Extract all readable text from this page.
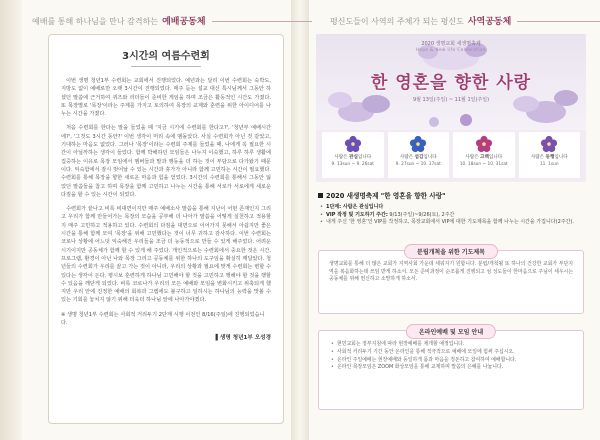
예배를 통해 하나님을 만나 감격하는 예배공동체
3시간의 여름수련회

이번 생명 청년1부 수련회는 교회에서 진행되었다. 예년과는 달리 이번 수련회는 숙박도, 지방도 없이 예배로만 오랫 3시간이 진행되었다. 매주 듣는 설교 대신 특시님께서 그동안 하셨던 말씀에 근거하여 퀴즈와 리더들이 준비한 게임을 하며 조금은 활동적인 시간도 가졌다. 또 목장별로 '목장'이라는 주제를 가지고 토의하여 목장의 교제와 훈련을 위한 아이디어를 나누는 시간을 가졌다.

처음 수련회를 한다는 말을 들었을 때 '지금 시기에 수련회를 한다고?', '청년부 예배시간에?', '그것도 3시간 동안?' 이번 생각이 머리 속에 맴돌았다. 사실 수련회가 아닌 것 같았고, 기대하는 마음도 없었다. 그러나 '목장'이라는 수련회 주제를 들었을 때, 나에게 꼭 필요한 시간이 아닐까하는 생각이 들었다. 함께 박해하던 모임들은 나누지 이숙했고, 하루 하루 생활에 집중하는 이유로 목장 모임에서 멤버들과 말과 행동을 더 하는 것이 부담으로 다가왔기 때문이다. 익숙함에서 잠시 벗어날 수 있는 시간과 휴가가 아니라 함께 고민하는 시간이 필요했다. 수련회를 통해 목장을 향한 새로운 마음과 힘을 얻었다. 3시간의 수련회를 통해서 그동안 잃었던 말씀들을 참고 하며 목장을 함께 고민하고 나누는 시간을 통해 서로가 서로에게 새로운 다짐을 할 수 있는 시간이 되었다.

수련회가 끝나고 비록 비대면이지만 매주 예배소사 말씀을 통해 지난이 어떤 존재인지 그리고 우리가 함께 만들어가는 목장의 모습을 공부해 더 나아가 말씀을 어떻게 실천하고 적용할지 매주 고민하고 적용하고 있다. 수련회의 다짐을 대면으로 이어가지 못해서 아쉽지만 좋은 시간을 통해 함께 모여 '목장'을 위해 고민했다는 것이 너무 귀하고 감사하다. 이번 수련회는 코로나 상황에 어느덧 익숙해진 우리들을 조금 더 능동적으로 만들 수 있게 해주었다. 어려운 시기이지만 공동체가 함께 할 수 있게 해 주었다. 개인적으로는 수련회에서 중요한 것은 시간, 프로그램, 환경이 아닌 나와 목장 그리고 공동체를 위한 하나의 도구임을 확실히 깨달았다. 청년들의 수련회가 우리를 끝고 가는 것이 아니라, 우리의 상황과 필요에 맞게 수련회는 변할 수 있다는 생각이 든다. 평시보 훈련하게 하나님 고민해야 할 것을 고민하고 행해야 할 것을 행할 수 있음을 깨닫게 되었다. 비록 코로나가 우리의 모든 예배와 모임을 변화시키고 위축되게 했지만 우리 안에 진정한 예배의 회복과 그렘에도 불구하고 일하시는 하나님의 능력을 맛볼 수 있는 기회를 놓치지 않기 위해 더욱더 하나님 앞에 나아가야겠다.

※ 생명 청년1부 수련회는 사회적 거리두기 2단계 시행 이전인 8/16(주일)에 진행되었습니다.

▌생명 청년1부 오성경

평신도들이 사역의 주체가 되는 평신도 사역공동체
2020 생명교회 새생명축제
Hope & New life Celebration
한 영혼을 향한 사랑
9월 13일(주일) ~ 11월 1일(주일)
사람은 관심입니다
9. 13sun ~ 9. 26sat
사람은 섬김입니다
9. 27sun ~ 10. 17sat
사람은 고백입니다
10. 18sun ~ 10. 31sat
사람은 동행입니다
11. 1sun
2020 새생명축제 "한 영혼을 향한 사랑"
• 1단계: 사람은 관심입니다
• VIP 작정 및 기도하기 주간: 9/13(주일)~9/26(토), 2주간
• 내게 주신 ‘한 영혼’인 VIP를 작정하고, 목장교회에서 VIP에 대한 기도제목을 함께 나누는 시간을 가집니다(2주간).
분립개척을 위한 기도제목
생명교회를 통해 더 많은 교회가 지역사회 가운데 세워지기 원합니다. 분립/개척될 또 하나의 건강한 교회가 부단지역을 복음화하는데 쓰임 받게 하소서. 모든 준비과정이 순조롭게 진행되고 섬 성도들이 한마음으로 주님이 세우시는 공동체를 위해 헌신하고 소망하게 하소서.
온라인예배 및 모임 안내
• 현민교회는 정부지침에 따라 현장예배를 제개할 예정입니다.
• 사회적 거리두기 기간 동안 온라인을 통해 적극적으로 예배에 모일에 힘써 주십시오.
• 온라인 주일예배는 현장예배와 동일하게 몸과 마음을 정돈하고 참여하여 예배합니다.
• 온라인 목장모임은 ZOOM 화상모임을 통해 교제하며 말씀의 은혜를 나눕니다.
